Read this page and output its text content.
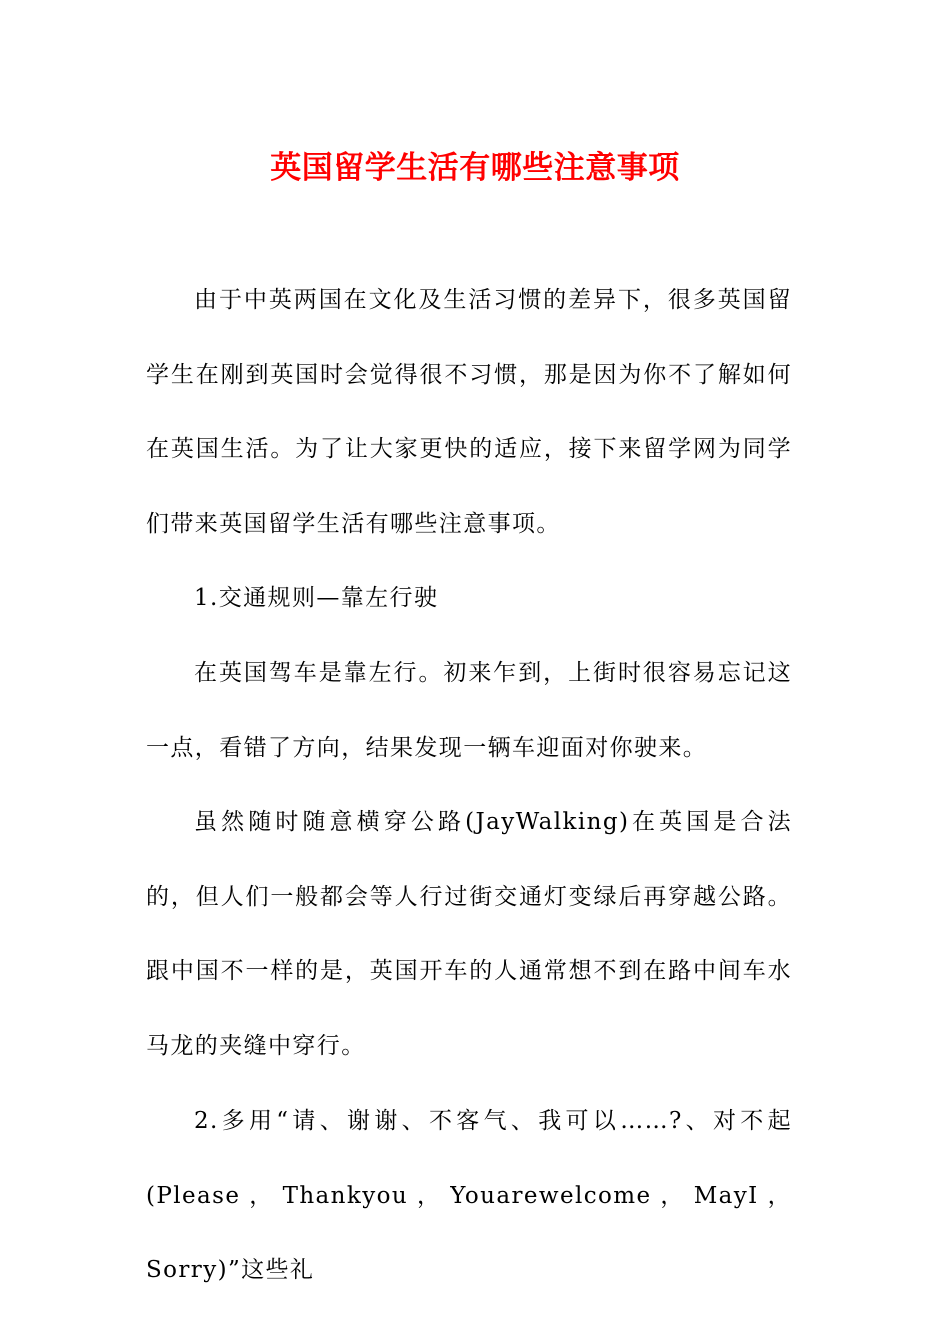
英国留学生活有哪些注意事项

由于中英两国在文化及生活习惯的差异下，很多英国留学生在刚到英国时会觉得很不习惯，那是因为你不了解如何在英国生活。为了让大家更快的适应，接下来留学网为同学们带来英国留学生活有哪些注意事项。

1.交通规则—靠左行驶

在英国驾车是靠左行。初来乍到，上街时很容易忘记这一点，看错了方向，结果发现一辆车迎面对你驶来。

虽然随时随意横穿公路(JayWalking)在英国是合法的，但人们一般都会等人行过街交通灯变绿后再穿越公路。跟中国不一样的是，英国开车的人通常想不到在路中间车水马龙的夹缝中穿行。

2.多用“请、谢谢、不客气、我可以……?、对不起(Please，Thankyou，Youarewelcome，MayI，Sorry)”这些礼
